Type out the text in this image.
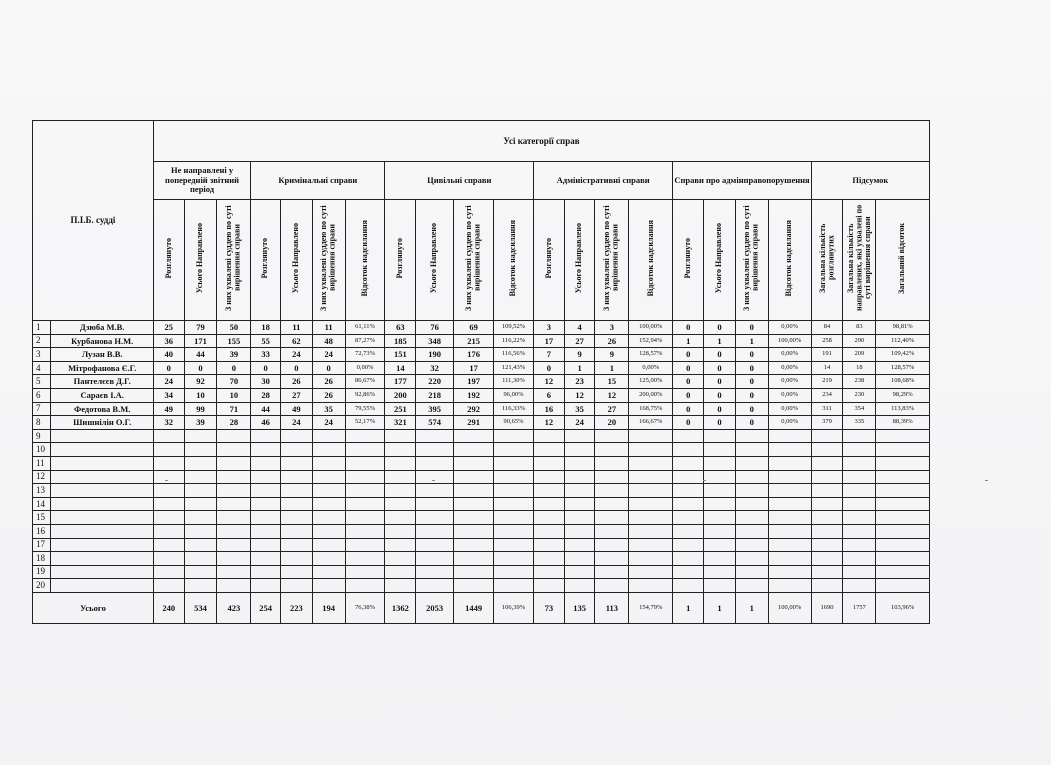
П.І.Б. судді		Усі категорії справ																					
		Не направлені у попередній звітний період			Кримінальні справи				Цивільні справи				Адміністративні справи				Справи про адмінправопорушення				Підсумок		
		Розглянуто	Усього Направлено	З них ухвалені суддею по суті вирішення справи	Розглянуто	Усього Направлено	З них ухвалені суддею по суті вирішення справи	Відсоток надсилання	Розглянуто	Усього Направлено	З них ухвалені суддею по суті вирішення справи	Відсоток надсилання	Розглянуто	Усього Направлено	З них ухвалені суддею по суті вирішення справи	Відсоток надсилання	Розглянуто	Усього Направлено	З них ухвалені суддею по суті вирішення справи	Відсоток надсилання	Загальна кількість розглянутих	Загальна кількість направлених, які ухвалені по суті вирішення справи	Загальний відсоток
1	Дзюба М.В.	25	79	50	18	11	11	61,11%	63	76	69	109,52%	3	4	3	100,00%	0	0	0	0,00%	84	83	98,81%
2	Курбанова Н.М.	36	171	155	55	62	48	87,27%	185	348	215	116,22%	17	27	26	152,94%	1	1	1	100,00%	258	290	112,40%
3	Лузан В.В.	40	44	39	33	24	24	72,73%	151	190	176	116,56%	7	9	9	128,57%	0	0	0	0,00%	191	209	109,42%
4	Мітрофанова Є.Г.	0	0	0	0	0	0	0,00%	14	32	17	121,43%	0	1	1	0,00%	0	0	0	0,00%	14	18	128,57%
5	Пантелєєв Д.Г.	24	92	70	30	26	26	86,67%	177	220	197	111,30%	12	23	15	125,00%	0	0	0	0,00%	219	238	108,68%
6	Сараєв І.А.	34	10	10	28	27	26	92,86%	200	218	192	96,00%	6	12	12	200,00%	0	0	0	0,00%	234	230	98,29%
7	Федотова В.М.	49	99	71	44	49	35	79,55%	251	395	292	116,33%	16	35	27	168,75%	0	0	0	0,00%	311	354	113,83%
8	Шишнілін О.Г.	32	39	28	46	24	24	52,17%	321	574	291	90,65%	12	24	20	166,67%	0	0	0	0,00%	379	335	88,39%
9																							
10																							
11																							
12																							
13																							
14																							
15																							
16																							
17																							
18																							
19																							
20																							
Усього		240	534	423	254	223	194	76,38%	1362	2053	1449	106,39%	73	135	113	154,79%	1	1	1	100,00%	1690	1757	103,96%
